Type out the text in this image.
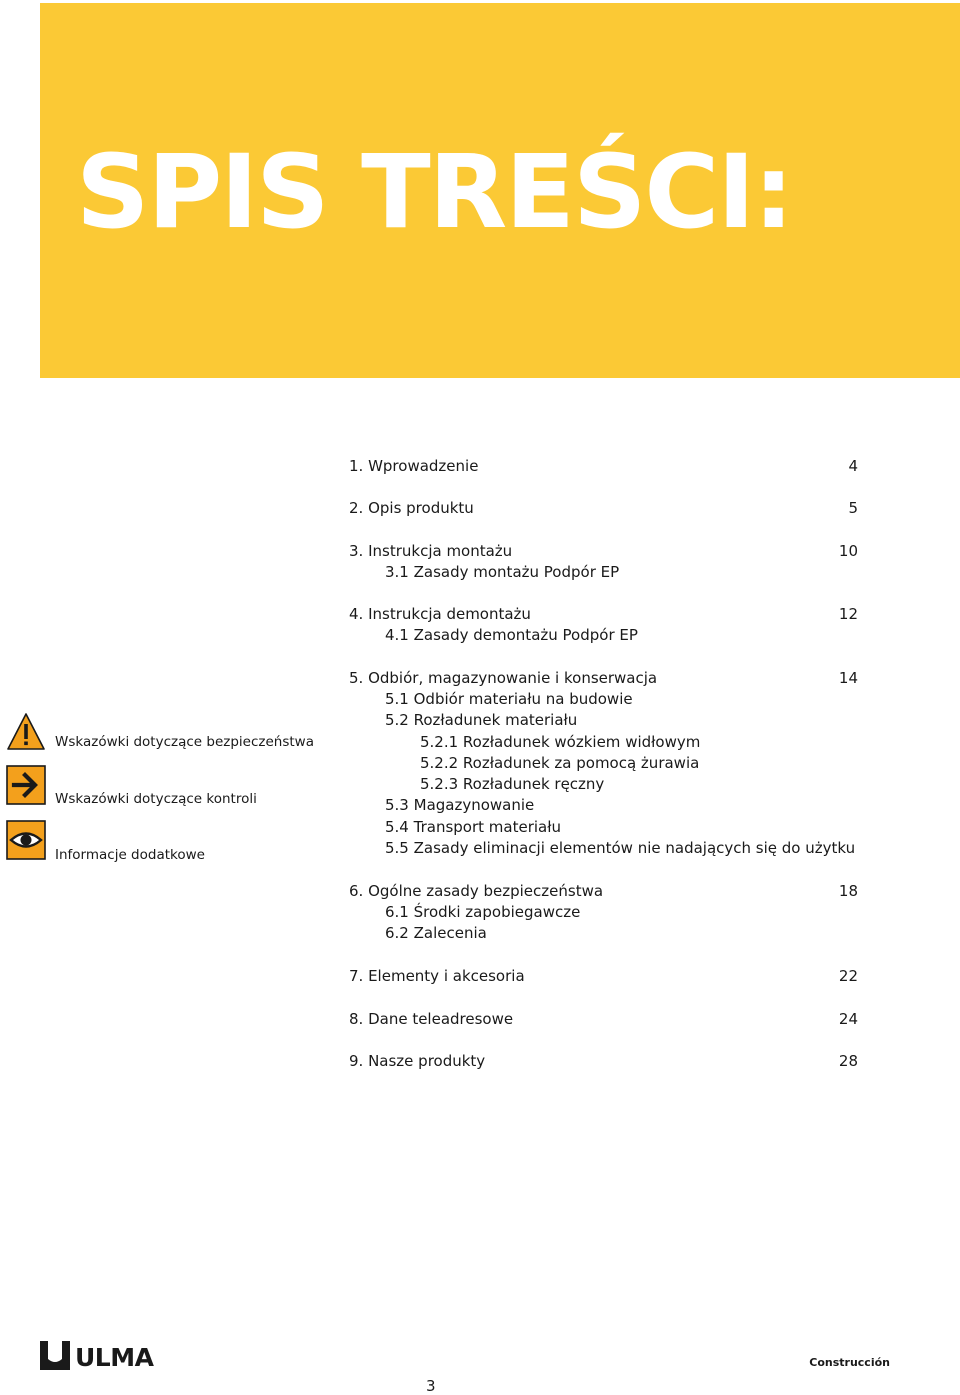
SPIS TREŚCI:
1. Wprowadzenie	4
2. Opis produktu	5
3. Instrukcja montażu	10
3.1 Zasady montażu Podpór EP
4. Instrukcja demontażu	12
4.1 Zasady demontażu Podpór EP
5. Odbiór, magazynowanie i konserwacja	14
5.1 Odbiór materiału na budowie
5.2 Rozładunek materiału
5.2.1 Rozładunek wózkiem widłowym
5.2.2 Rozładunek za pomocą żurawia
5.2.3 Rozładunek ręczny
5.3 Magazynowanie
5.4 Transport materiału
5.5 Zasady eliminacji elementów nie nadających się do użytku
6. Ogólne zasady bezpieczeństwa	18
6.1 Środki zapobiegawcze
6.2 Zalecenia
7. Elementy i akcesoria	22
8. Dane teleadresowe	24
9. Nasze produkty	28
Wskazówki dotyczące bezpieczeństwa
Wskazówki dotyczące kontroli
Informacje dodatkowe
ULMA	Construcción
3
